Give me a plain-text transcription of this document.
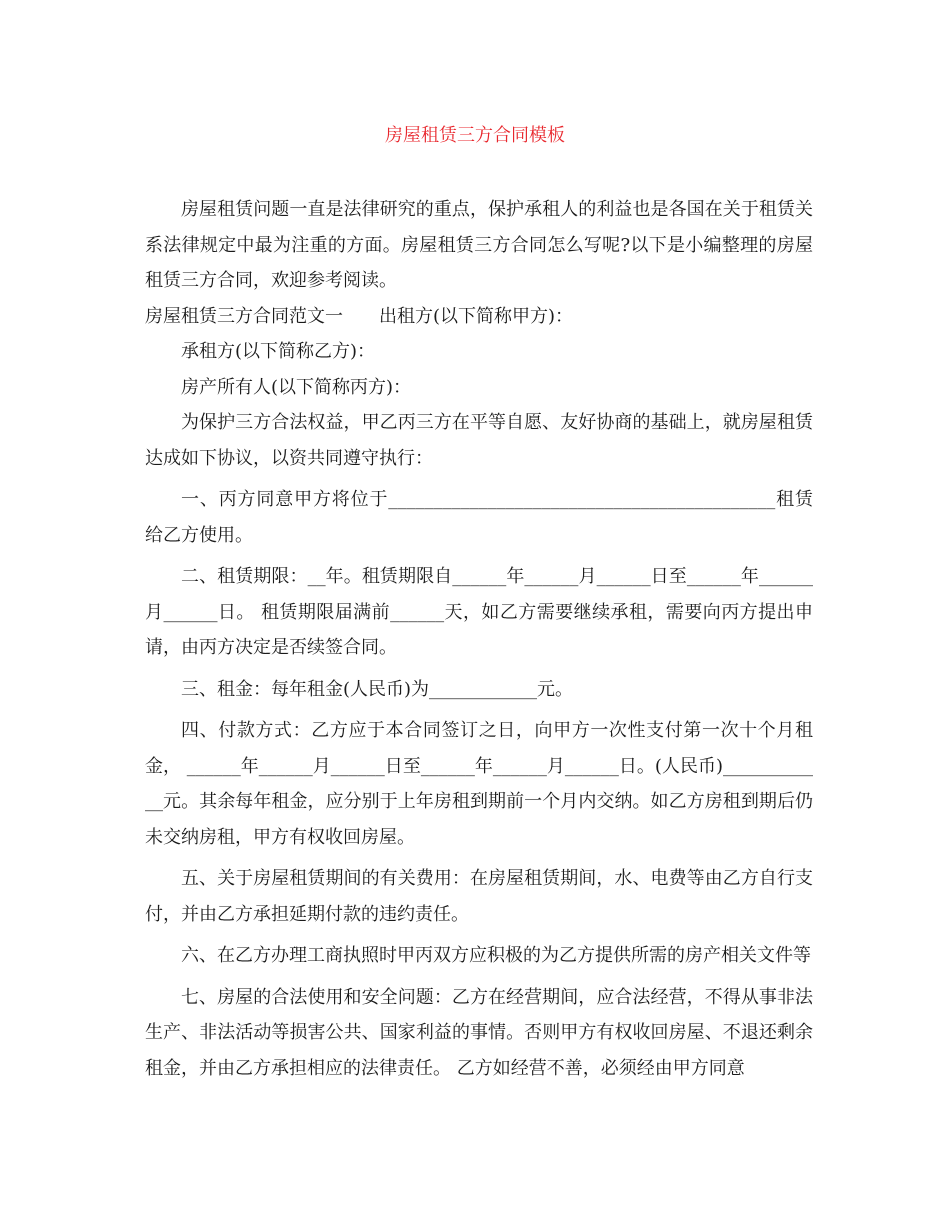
房屋租赁三方合同模板

房屋租赁问题一直是法律研究的重点，保护承租人的利益也是各国在关于租赁关系法律规定中最为注重的方面。房屋租赁三方合同怎么写呢?以下是小编整理的房屋租赁三方合同，欢迎参考阅读。

房屋租赁三方合同范文一 出租方(以下简称甲方)：

承租方(以下简称乙方)：

房产所有人(以下简称丙方)：

为保护三方合法权益，甲乙丙三方在平等自愿、友好协商的基础上，就房屋租赁达成如下协议，以资共同遵守执行：

一、丙方同意甲方将位于___________________________________________租赁给乙方使用。

二、租赁期限：__年。租赁期限自______年______月______日至______年______月______日。 租赁期限届满前______天，如乙方需要继续承租，需要向丙方提出申请，由丙方决定是否续签合同。

三、租金：每年租金(人民币)为____________元。

四、付款方式：乙方应于本合同签订之日，向甲方一次性支付第一次十个月租金， ______年______月______日至______年______月______日。(人民币)____________元。其余每年租金，应分别于上年房租到期前一个月内交纳。如乙方房租到期后仍未交纳房租，甲方有权收回房屋。

五、关于房屋租赁期间的有关费用：在房屋租赁期间，水、电费等由乙方自行支付，并由乙方承担延期付款的违约责任。

六、在乙方办理工商执照时甲丙双方应积极的为乙方提供所需的房产相关文件等

七、房屋的合法使用和安全问题：乙方在经营期间，应合法经营，不得从事非法生产、非法活动等损害公共、国家利益的事情。否则甲方有权收回房屋、不退还剩余租金，并由乙方承担相应的法律责任。 乙方如经营不善，必须经由甲方同意
